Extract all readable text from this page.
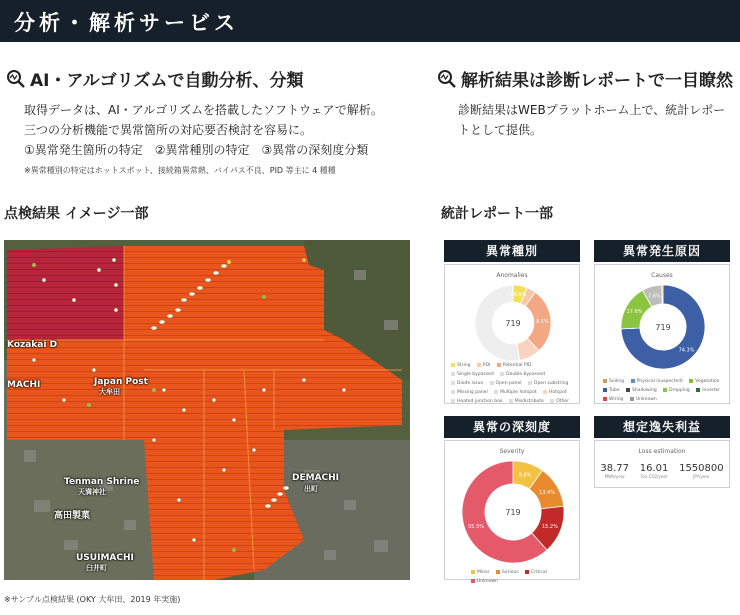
分析・解析サービス
AI・アルゴリズムで自動分析、分類
取得データは、AI・アルゴリズムを搭載したソフトウェアで解析。
三つの分析機能で異常箇所の対応要否検討を容易に。
①異常発生箇所の特定　②異常種別の特定　③異常の深刻度分類
※異常種別の特定はホットスポット、接続箱異常熱、バイパス不良、PID 等主に 4 種種
解析結果は診断レポートで一目瞭然
診断結果はWEBプラットホーム上で、統計レポー
トとして提供。
点検結果 イメージ一部	統計レポート一部
Kozakai D
MACHI	Japan Post
大牟田
Tenman Shrine
天満神社
高田製菓
DEMACHI
出町
USUIMACHI
臼井町
※サンプル点検結果 (OKY 大牟田、2019 年実施)
異常種別
Anomalies
719
26.6%
9.1%
String	PDI	Potential PID Single bypassed	Double bypassed Diode issue	Open panel	Open substring Missing panel	Multiple hotspot	Hotspot Heated junction box	Misdistribute	Other
異常発生原因
Causes
719
74.3%
17.6%
7.6%
Soiling	Physical (suspected)	Vegetation Tube	Shadowing	Dropping	Inverter Wiring	Unknown
異常の深刻度
Severity
719
9.8%
13.4%
15.2%
55.5%
Minor	Serious	Critical Unknown
想定逸失利益
Loss estimation
38.77
MWh/year
16.01
Ton CO2/year
1550800
JPY/year
